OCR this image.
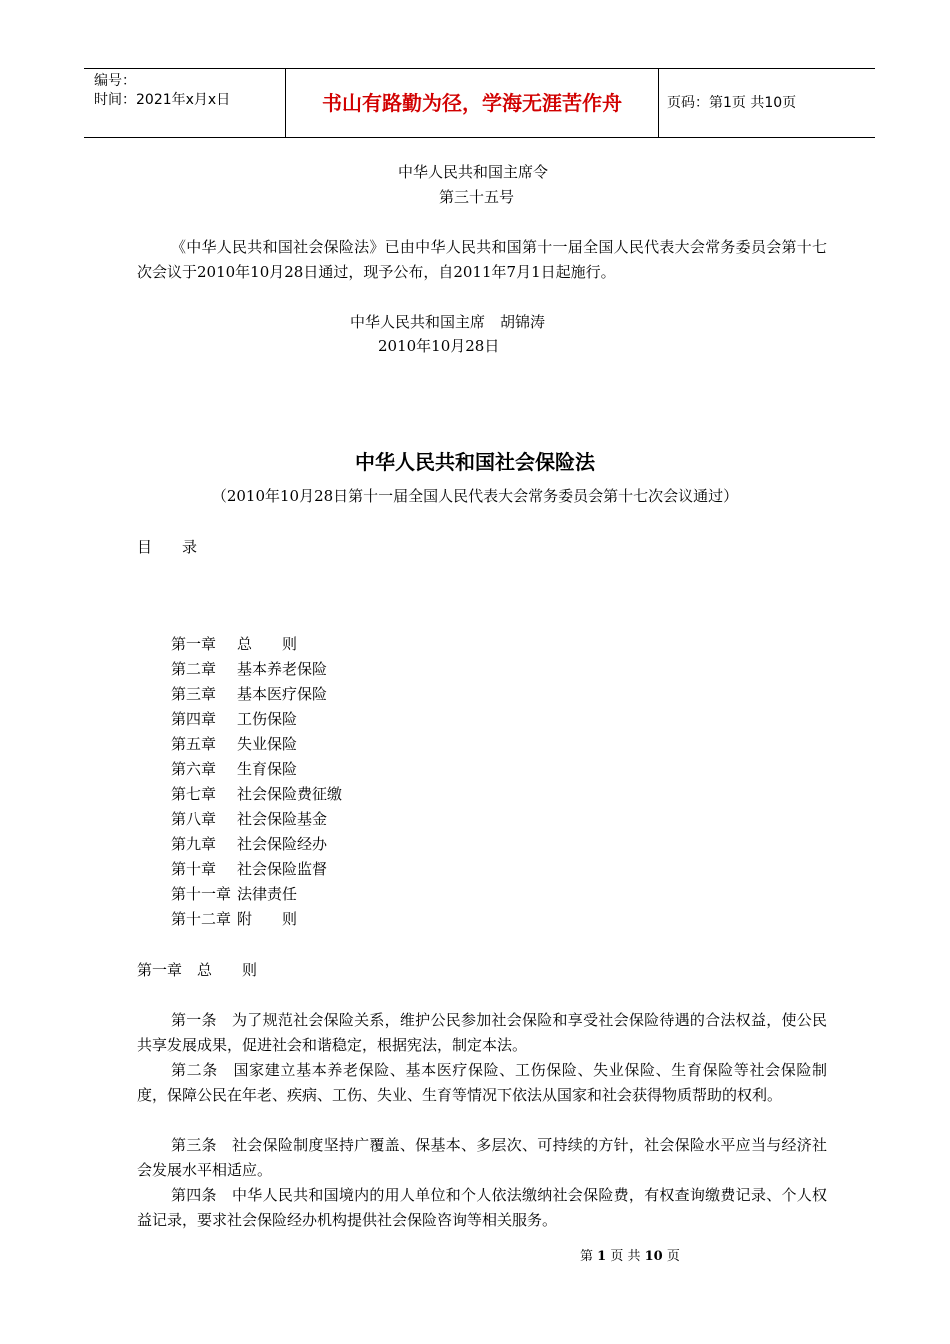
编号：
时间：2021年x月x日	书山有路勤为径，学海无涯苦作舟	页码：第1页 共10页
中华人民共和国主席令
第三十五号
《中华人民共和国社会保险法》已由中华人民共和国第十一届全国人民代表大会常务委员会第十七次会议于2010年10月28日通过，现予公布，自2011年7月1日起施行。
中华人民共和国主席　胡锦涛
2010年10月28日
中华人民共和国社会保险法
（2010年10月28日第十一届全国人民代表大会常务委员会第十七次会议通过）
目　　录
第一章 总　　则
第二章 基本养老保险
第三章 基本医疗保险
第四章 工伤保险
第五章 失业保险
第六章 生育保险
第七章 社会保险费征缴
第八章 社会保险基金
第九章 社会保险经办
第十章 社会保险监督
第十一章 法律责任
第十二章 附　　则
第一章　总　　则
第一条　为了规范社会保险关系，维护公民参加社会保险和享受社会保险待遇的合法权益，使公民共享发展成果，促进社会和谐稳定，根据宪法，制定本法。
第二条　国家建立基本养老保险、基本医疗保险、工伤保险、失业保险、生育保险等社会保险制度，保障公民在年老、疾病、工伤、失业、生育等情况下依法从国家和社会获得物质帮助的权利。
第三条　社会保险制度坚持广覆盖、保基本、多层次、可持续的方针，社会保险水平应当与经济社会发展水平相适应。
第四条　中华人民共和国境内的用人单位和个人依法缴纳社会保险费，有权查询缴费记录、个人权益记录，要求社会保险经办机构提供社会保险咨询等相关服务。
第 1 页 共 10 页
